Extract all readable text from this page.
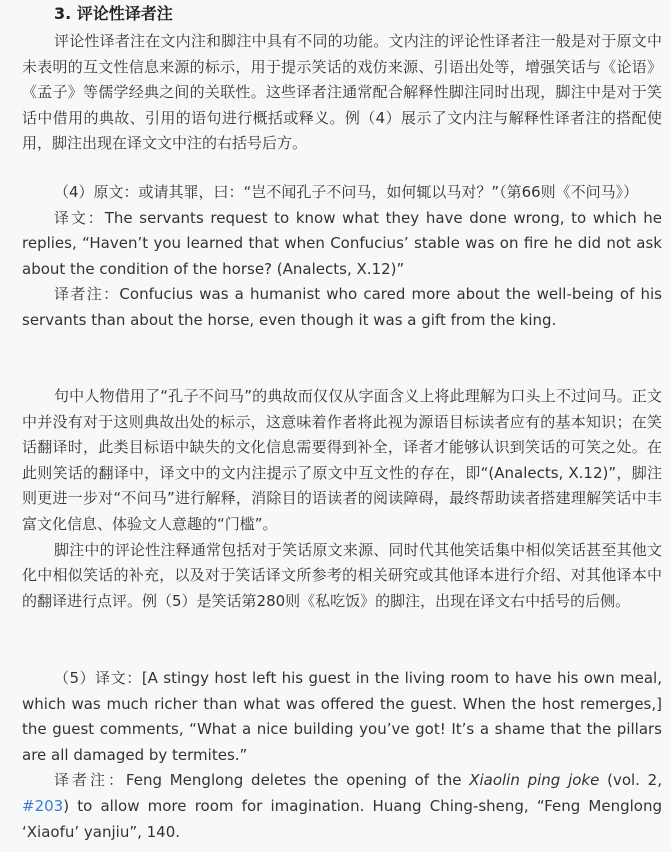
3. 评论性译者注

评论性译者注在文内注和脚注中具有不同的功能。文内注的评论性译者注一般是对于原文中未表明的互文性信息来源的标示，用于提示笑话的戏仿来源、引语出处等，增强笑话与《论语》《孟子》等儒学经典之间的关联性。这些译者注通常配合解释性脚注同时出现，脚注中是对于笑话中借用的典故、引用的语句进行概括或释义。例（4）展示了文内注与解释性译者注的搭配使用，脚注出现在译文文中注的右括号后方。

（4）原文：或请其罪，曰：“岂不闻孔子不问马，如何辄以马对？”（第66则《不问马》）

译文：The servants request to know what they have done wrong, to which he replies, “Haven’t you learned that when Confucius’ stable was on fire he did not ask about the condition of the horse? (Analects, X.12)”

译者注：Confucius was a humanist who cared more about the well-being of his servants than about the horse, even though it was a gift from the king.

句中人物借用了“孔子不问马”的典故而仅仅从字面含义上将此理解为口头上不过问马。正文中并没有对于这则典故出处的标示，这意味着作者将此视为源语目标读者应有的基本知识；在笑话翻译时，此类目标语中缺失的文化信息需要得到补全，译者才能够认识到笑话的可笑之处。在此则笑话的翻译中，译文中的文内注提示了原文中互文性的存在，即“(Analects, X.12)”，脚注则更进一步对“不问马”进行解释，消除目的语读者的阅读障碍，最终帮助读者搭建理解笑话中丰富文化信息、体验文人意趣的“门槛”。

脚注中的评论性注释通常包括对于笑话原文来源、同时代其他笑话集中相似笑话甚至其他文化中相似笑话的补充，以及对于笑话译文所参考的相关研究或其他译本进行介绍、对其他译本中的翻译进行点评。例（5）是笑话第280则《私吃饭》的脚注，出现在译文右中括号的后侧。

（5）译文：[A stingy host left his guest in the living room to have his own meal, which was much richer than what was offered the guest. When the host remerges,] the guest comments, “What a nice building you’ve got! It’s a shame that the pillars are all damaged by termites.”

译者注：Feng Menglong deletes the opening of the Xiaolin ping joke (vol. 2, #203) to allow more room for imagination. Huang Ching-sheng, “Feng Menglong ‘Xiaofu’ yanjiu”, 140.
